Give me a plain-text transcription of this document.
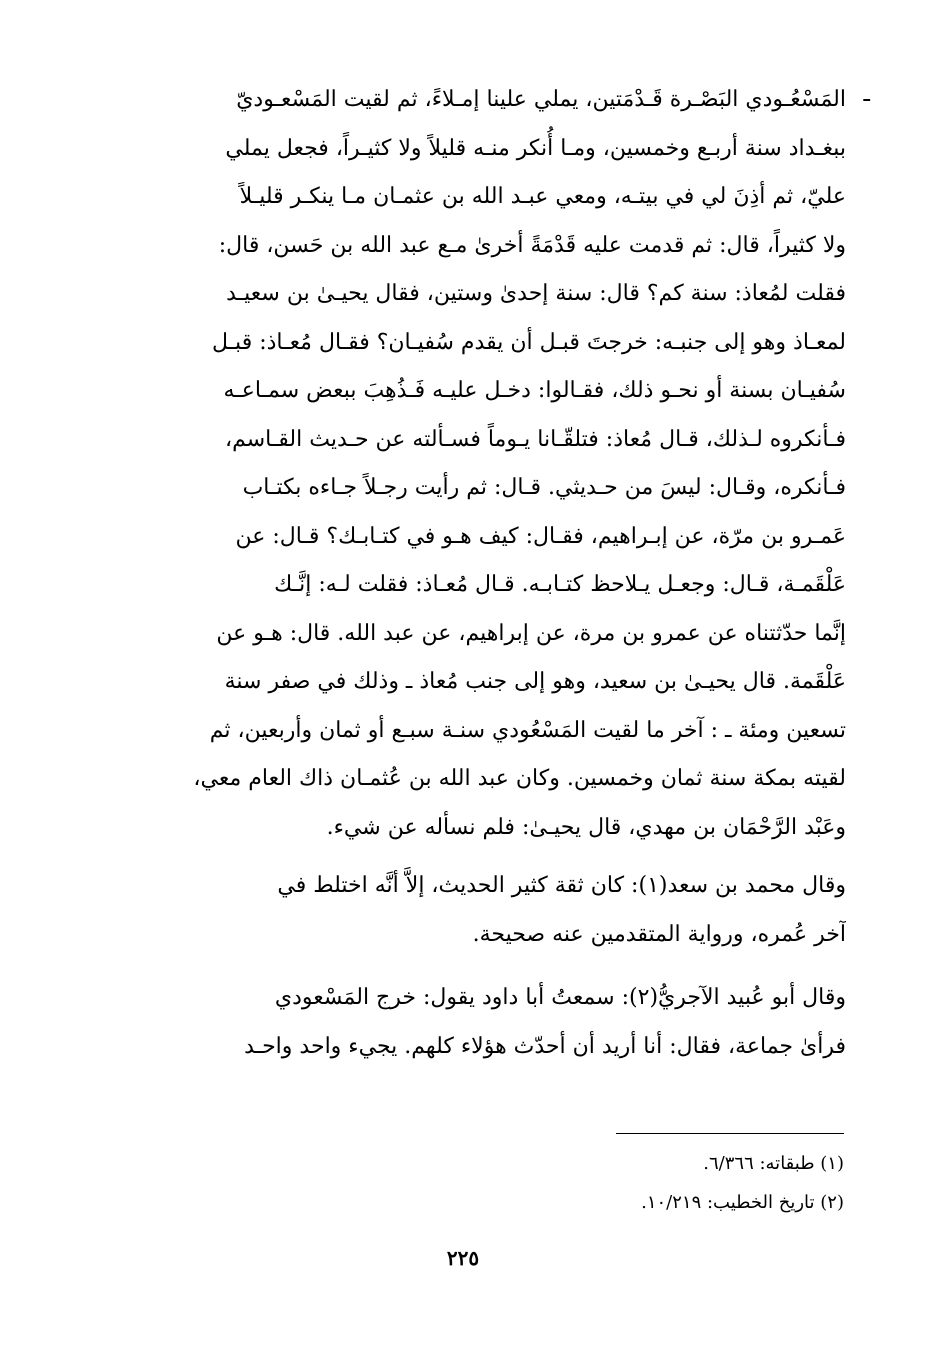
ـ
المَسْعُـودي البَصْـرة قَـدْمَتين، يملي علينا إمـلاءً، ثم لقيت المَسْعـوديّ
ببغـداد سنة أربـع وخمسين، ومـا أُنكر منـه قليلاً ولا كثيـراً، فجعل يملي
عليّ، ثم أذِنَ لي في بيتـه، ومعي عبـد الله بن عثمـان مـا ينكـر قليـلاً
ولا كثيراً، قال: ثم قدمت عليه قَدْمَةً أخرىٰ مـع عبد الله بن حَسن، قال:
فقلت لمُعاذ: سنة كم؟ قال: سنة إحدىٰ وستين، فقال يحيـىٰ بن سعيـد
لمعـاذ وهو إلى جنبـه: خرجتَ قبـل أن يقدم سُفيـان؟ فقـال مُعـاذ: قبـل
سُفيـان بسنة أو نحـو ذلك، فقـالوا: دخـل عليـه فَـذُهِبَ ببعض سمـاعـه
فـأنكروه لـذلك، قـال مُعاذ: فتلقّـانا يـوماً فسـألته عن حـديث القـاسم،
فـأنكره، وقـال: ليسَ من حـديثي. قـال: ثم رأيت رجـلاً جـاءه بكتـاب
عَمـرو بن مرّة، عن إبـراهيم، فقـال: كيف هـو في كتـابـك؟ قـال: عن
عَلْقَمـة، قـال: وجعـل يـلاحظ كتـابـه. قـال مُعـاذ: فقلت لـه: إنَّـك
إنَّما حدّثتناه عن عمرو بن مرة، عن إبراهيم، عن عبد الله. قال: هـو عن
عَلْقَمة. قال يحيـىٰ بن سعيد، وهو إلى جنب مُعاذ ـ وذلك في صفر سنة
تسعين ومئة ـ : آخر ما لقيت المَسْعُودي سنـة سبـع أو ثمان وأربعين، ثم
لقيته بمكة سنة ثمان وخمسين. وكان عبد الله بن عُثمـان ذاك العام معي،
وعَبْد الرَّحْمَان بن مهدي، قال يحيـىٰ: فلم نسأله عن شيء.
وقال محمد بن سعد(١): كان ثقة كثير الحديث، إلاَّ أنَّه اختلط في
آخر عُمره، ورواية المتقدمين عنه صحيحة.
وقال أبو عُبيد الآجريُّ(٢): سمعتُ أبا داود يقول: خرج المَسْعودي
فرأىٰ جماعة، فقال: أنا أريد أن أحدّث هؤلاء كلهم. يجيء واحد واحـد
(١) طبقاته: ٦/٣٦٦.
(٢) تاريخ الخطيب: ١٠/٢١٩.
٢٢٥
